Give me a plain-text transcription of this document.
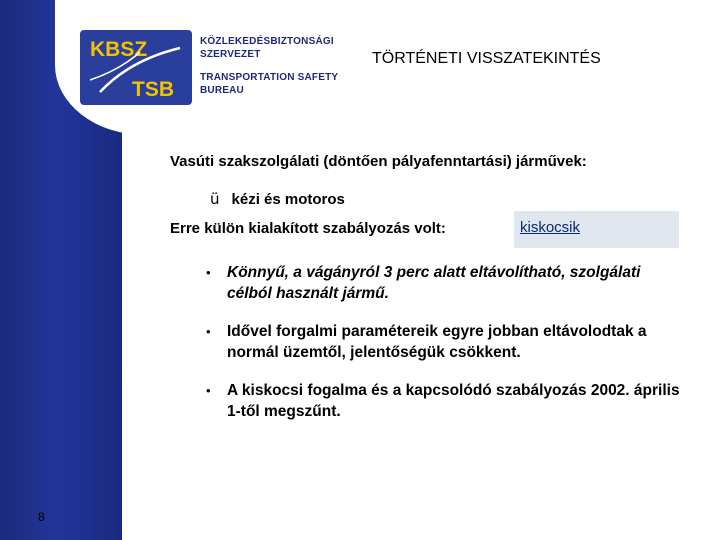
KBSZ
TSB
KÖZLEKEDÉSBIZTONSÁGI
SZERVEZET
TRANSPORTATION SAFETY
BUREAU
TÖRTÉNETI VISSZATEKINTÉS
Vasúti szakszolgálati (döntően pályafenntartási) járművek:
ü kézi és motoros
Erre külön kialakított szabályozás volt:	kiskocsik
• Könnyű, a vágányról 3 perc alatt eltávolítható, szolgálati célból használt jármű.
• Idővel forgalmi paramétereik egyre jobban eltávolodtak a normál üzemtől, jelentőségük csökkent.
• A kiskocsi fogalma és a kapcsolódó szabályozás 2002. április 1-től megszűnt.
8
